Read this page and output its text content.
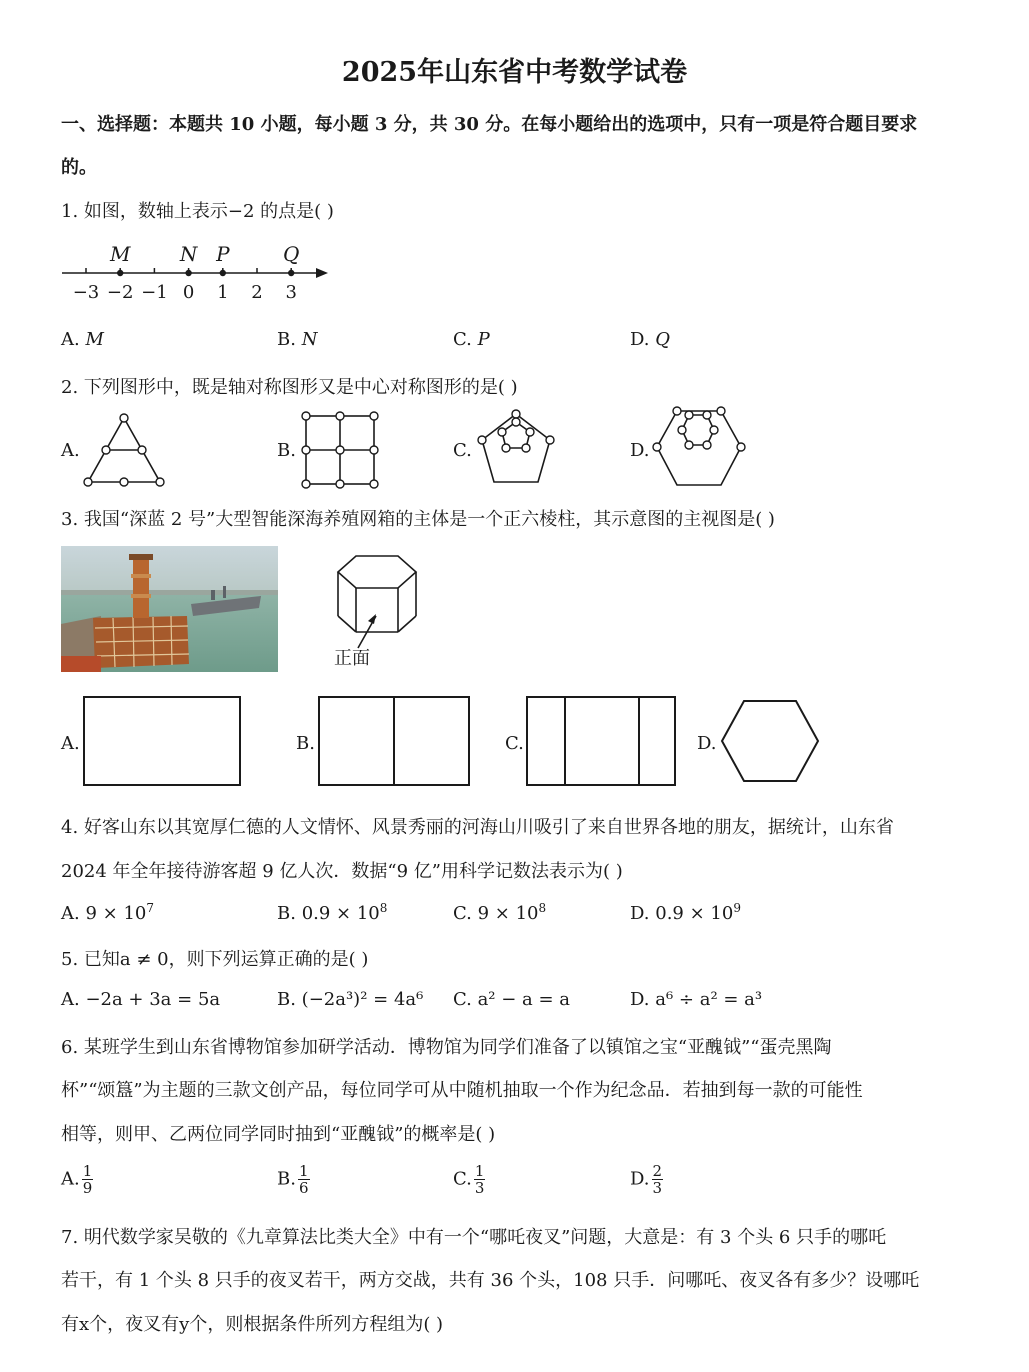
2025年山东省中考数学试卷
一、选择题：本题共 10 小题，每小题 3 分，共 30 分。在每小题给出的选项中，只有一项是符合题目要求
的。
1. 如图，数轴上表示−2 的点是( )
−3 −2 −1 0 1 2 3
M N P	Q
A. M	B. N	C. P	D. Q
2. 下列图形中，既是轴对称图形又是中心对称图形的是( )
A.	B.	C.	D.
3. 我国“深蓝 2 号”大型智能深海养殖网箱的主体是一个正六棱柱，其示意图的主视图是( )
正面
A.	B.	C.	D.
4. 好客山东以其宽厚仁德的人文情怀、风景秀丽的河海山川吸引了来自世界各地的朋友，据统计，山东省
2024 年全年接待游客超 9 亿人次．数据“9 亿”用科学记数法表示为( )
A. $9 \times 10^7$	B. $0.9 \times 10^8$	C. $9 \times 10^8$	D. $0.9 \times 10^9$
5. 已知a ≠ 0，则下列运算正确的是( )
A. −2a + 3a = 5a	B. (−2a³)² = 4a⁶ C. a² − a = a	D. a⁶ ÷ a² = a³
6. 某班学生到山东省博物馆参加研学活动．博物馆为同学们准备了以镇馆之宝“亚醜钺”“蛋壳黑陶
杯”“颂簋”为主题的三款文创产品，每位同学可从中随机抽取一个作为纪念品．若抽到每一款的可能性
相等，则甲、乙两位同学同时抽到“亚醜钺”的概率是( )
A. $\frac{1}{9}$	B. $\frac{1}{6}$	C. $\frac{1}{3}$	D. $\frac{2}{3}$
7. 明代数学家吴敬的《九章算法比类大全》中有一个“哪吒夜叉”问题，大意是：有 3 个头 6 只手的哪吒
若干，有 1 个头 8 只手的夜叉若干，两方交战，共有 36 个头，108 只手．问哪吒、夜叉各有多少？设哪吒
有x个，夜叉有y个，则根据条件所列方程组为( )
